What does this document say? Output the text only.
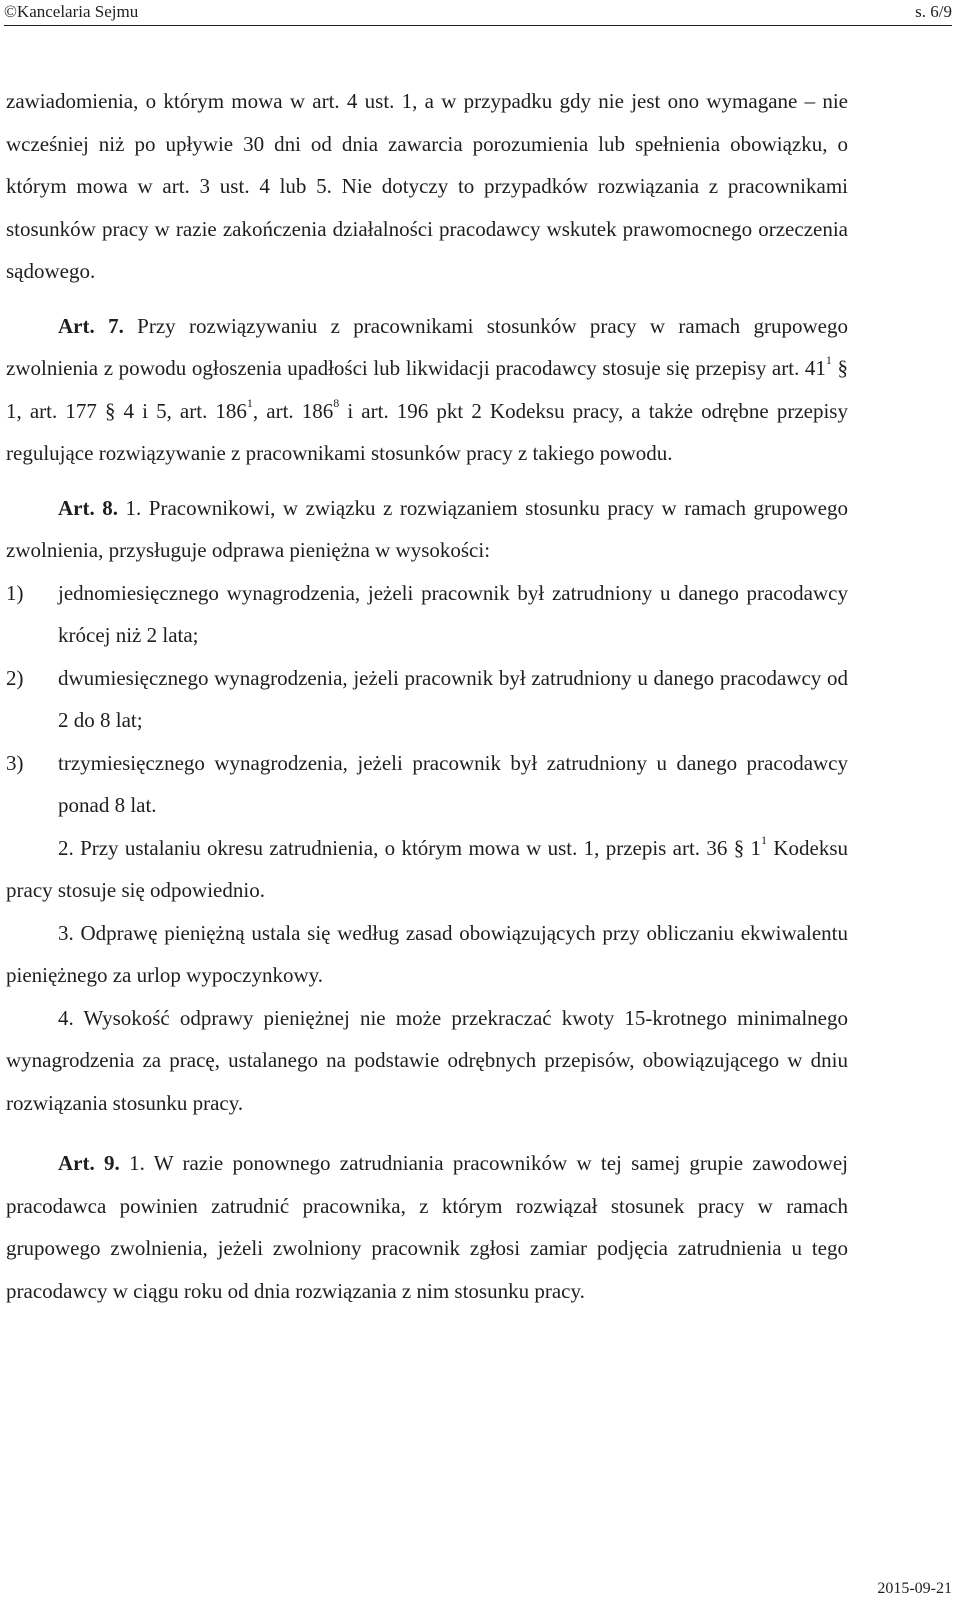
©Kancelaria Sejmu	s. 6/9

zawiadomienia, o którym mowa w art. 4 ust. 1, a w przypadku gdy nie jest ono wymagane – nie wcześniej niż po upływie 30 dni od dnia zawarcia porozumienia lub spełnienia obowiązku, o którym mowa w art. 3 ust. 4 lub 5. Nie dotyczy to przypadków rozwiązania z pracownikami stosunków pracy w razie zakończenia działalności pracodawcy wskutek prawomocnego orzeczenia sądowego.

Art. 7. Przy rozwiązywaniu z pracownikami stosunków pracy w ramach grupowego zwolnienia z powodu ogłoszenia upadłości lub likwidacji pracodawcy stosuje się przepisy art. $41^1$ § 1, art. 177 § 4 i 5, art. $186^1$, art. $186^8$ i art. 196 pkt 2 Kodeksu pracy, a także odrębne przepisy regulujące rozwiązywanie z pracownikami stosunków pracy z takiego powodu.

Art. 8. 1. Pracownikowi, w związku z rozwiązaniem stosunku pracy w ramach grupowego zwolnienia, przysługuje odprawa pieniężna w wysokości:

1) jednomiesięcznego wynagrodzenia, jeżeli pracownik był zatrudniony u danego pracodawcy krócej niż 2 lata;

2) dwumiesięcznego wynagrodzenia, jeżeli pracownik był zatrudniony u danego pracodawcy od 2 do 8 lat;

3) trzymiesięcznego wynagrodzenia, jeżeli pracownik był zatrudniony u danego pracodawcy ponad 8 lat.

2. Przy ustalaniu okresu zatrudnienia, o którym mowa w ust. 1, przepis art. 36 § $1^1$ Kodeksu pracy stosuje się odpowiednio.

3. Odprawę pieniężną ustala się według zasad obowiązujących przy obliczaniu ekwiwalentu pieniężnego za urlop wypoczynkowy.

4. Wysokość odprawy pieniężnej nie może przekraczać kwoty 15-krotnego minimalnego wynagrodzenia za pracę, ustalanego na podstawie odrębnych przepisów, obowiązującego w dniu rozwiązania stosunku pracy.

Art. 9. 1. W razie ponownego zatrudniania pracowników w tej samej grupie zawodowej pracodawca powinien zatrudnić pracownika, z którym rozwiązał stosunek pracy w ramach grupowego zwolnienia, jeżeli zwolniony pracownik zgłosi zamiar podjęcia zatrudnienia u tego pracodawcy w ciągu roku od dnia rozwiązania z nim stosunku pracy.

2015-09-21
